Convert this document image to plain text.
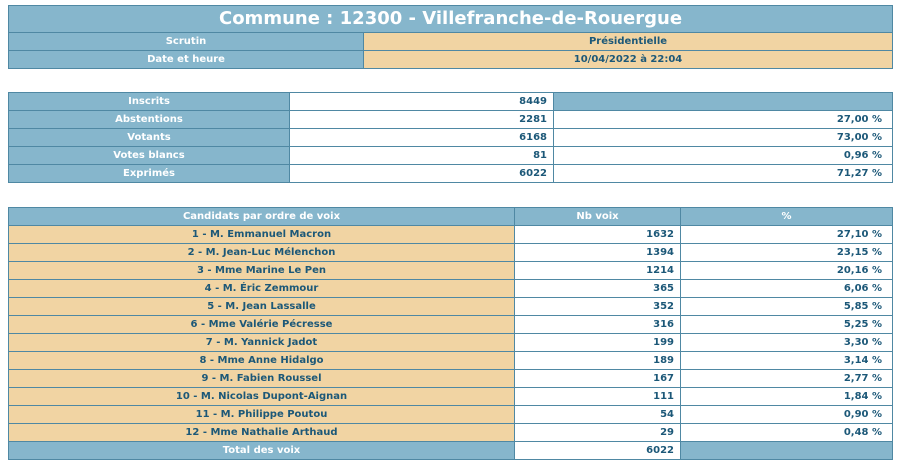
Commune : 12300 - Villefranche-de-Rouergue	
Scrutin	Présidentielle
Date et heure	10/04/2022 à 22:04
Inscrits	8449	
Abstentions	2281	27,00 %
Votants	6168	73,00 %
Votes blancs	81	0,96 %
Exprimés	6022	71,27 %
Candidats par ordre de voix	Nb voix	%
1 - M. Emmanuel Macron	1632	27,10 %
2 - M. Jean-Luc Mélenchon	1394	23,15 %
3 - Mme Marine Le Pen	1214	20,16 %
4 - M. Éric Zemmour	365	6,06 %
5 - M. Jean Lassalle	352	5,85 %
6 - Mme Valérie Pécresse	316	5,25 %
7 - M. Yannick Jadot	199	3,30 %
8 - Mme Anne Hidalgo	189	3,14 %
9 - M. Fabien Roussel	167	2,77 %
10 - M. Nicolas Dupont-Aignan	111	1,84 %
11 - M. Philippe Poutou	54	0,90 %
12 - Mme Nathalie Arthaud	29	0,48 %
Total des voix	6022	
